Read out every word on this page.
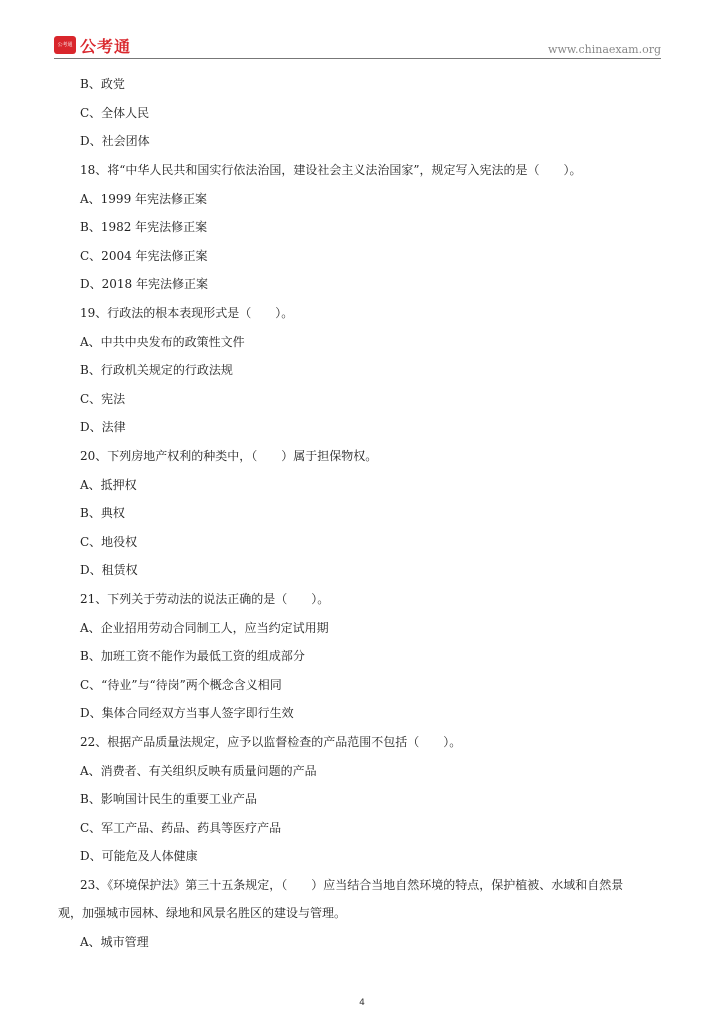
公考通 公考通	www.chinaexam.org
B、政党
C、全体人民
D、社会团体
18、将“中华人民共和国实行依法治国，建设社会主义法治国家”，规定写入宪法的是（　　）。
A、1999 年宪法修正案
B、1982 年宪法修正案
C、2004 年宪法修正案
D、2018 年宪法修正案
19、行政法的根本表现形式是（　　）。
A、中共中央发布的政策性文件
B、行政机关规定的行政法规
C、宪法
D、法律
20、下列房地产权利的种类中，（　　）属于担保物权。
A、抵押权
B、典权
C、地役权
D、租赁权
21、下列关于劳动法的说法正确的是（　　）。
A、企业招用劳动合同制工人，应当约定试用期
B、加班工资不能作为最低工资的组成部分
C、“待业”与“待岗”两个概念含义相同
D、集体合同经双方当事人签字即行生效
22、根据产品质量法规定，应予以监督检查的产品范围不包括（　　）。
A、消费者、有关组织反映有质量问题的产品
B、影响国计民生的重要工业产品
C、军工产品、药品、药具等医疗产品
D、可能危及人体健康
23、《环境保护法》第三十五条规定，（　　）应当结合当地自然环境的特点，保护植被、水域和自然景
观，加强城市园林、绿地和风景名胜区的建设与管理。
A、城市管理
4
